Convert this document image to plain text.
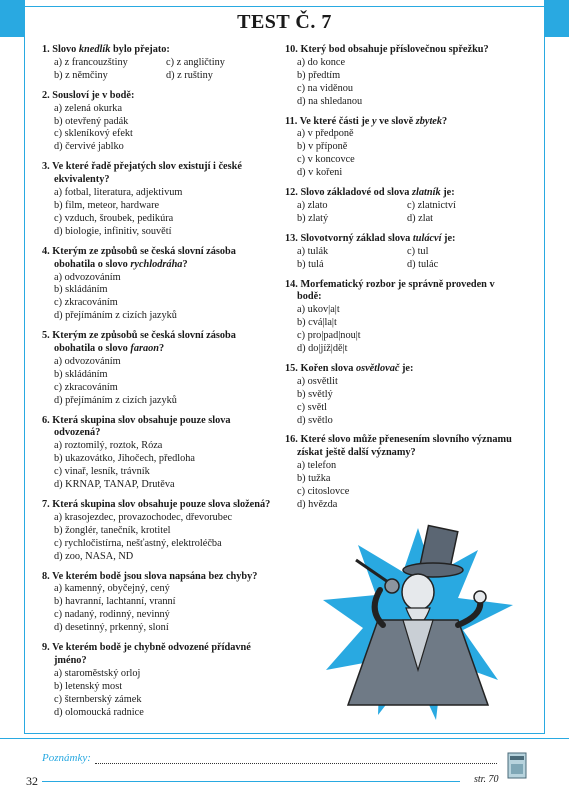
TEST Č. 7
1. Slovo knedlík bylo přejato:
a) z francouzštiny	c) z angličtiny
b) z němčiny	d) z ruštiny
2. Sousloví je v bodě:
a) zelená okurka
b) otevřený padák
c) skleníkový efekt
d) červivé jablko
3. Ve které řadě přejatých slov existují i české ekvivalenty?
a) fotbal, literatura, adjektivum
b) film, meteor, hardware
c) vzduch, šroubek, pedikúra
d) biologie, infinitiv, souvětí
4. Kterým ze způsobů se česká slovní zásoba obohatila o slovo rychlodráha?
a) odvozováním
b) skládáním
c) zkracováním
d) přejímáním z cizích jazyků
5. Kterým ze způsobů se česká slovní zásoba obohatila o slovo faraon?
a) odvozováním
b) skládáním
c) zkracováním
d) přejímáním z cizích jazyků
6. Která skupina slov obsahuje pouze slova odvozená?
a) roztomilý, roztok, Róza
b) ukazovátko, Jihočech, předloha
c) vinař, lesník, trávník
d) KRNAP, TANAP, Drutěva
7. Která skupina slov obsahuje pouze slova složená?
a) krasojezdec, provazochodec, dřevorubec
b) žonglér, tanečník, krotitel
c) rychločistírna, nešťastný, elektroléčba
d) zoo, NASA, ND
8. Ve kterém bodě jsou slova napsána bez chyby?
a) kamenný, obyčejný, cený
b) havranní, lachtanní, vranní
c) nadaný, rodinný, nevinný
d) desetinný, prkenný, sloní
9. Ve kterém bodě je chybně odvozené přídavné jméno?
a) staroměstský orloj
b) letenský most
c) šternberský zámek
d) olomoucká radnice
10. Který bod obsahuje příslovečnou spřežku?
a) do konce
b) předtím
c) na viděnou
d) na shledanou
11. Ve které části je y ve slově zbytek?
a) v předponě
b) v příponě
c) v koncovce
d) v kořeni
12. Slovo základové od slova zlatník je:
a) zlato	c) zlatnictví
b) zlatý	d) zlat
13. Slovotvorný základ slova tulácví je:
a) tulák	c) tul
b) tulá	d) tulác
14. Morfematický rozbor je správně proveden v bodě:
a) ukov|a|t
b) cvá|la|t
c) pro|pad|nou|t
d) do|jíž|dě|t
15. Kořen slova osvětlovač je:
a) osvětlit
b) světlý
c) světl
d) světlo
16. Které slovo může přenesením slovního významu získat ještě další významy?
a) telefon
b) tužka
c) citoslovce
d) hvězda
Poznámky:
32	str. 70
